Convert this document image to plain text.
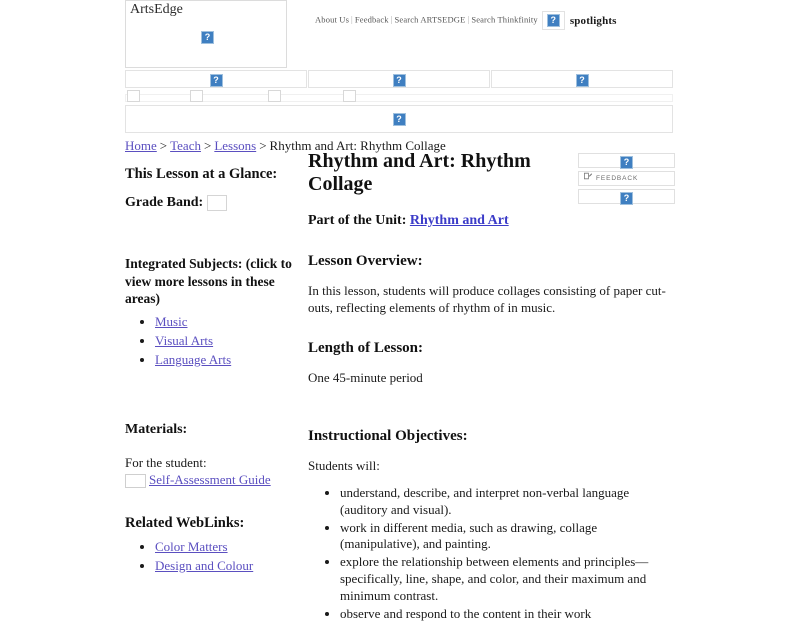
ArtsEdge
?
About Us | Feedback | Search ARTSEDGE | Search Thinkfinity ?	spotlights
?
?
?
?
Home > Teach > Lessons > Rhythm and Art: Rhythm Collage
This Lesson at a Glance:
Grade Band:
Integrated Subjects: (click to view more lessons in these areas)
• Music
• Visual Arts
• Language Arts
Materials:
For the student:
Self-Assessment Guide
Related WebLinks:
• Color Matters
• Design and Colour
Rhythm and Art: Rhythm Collage
?	FEEDBACK
?
Part of the Unit: Rhythm and Art
Lesson Overview:

In this lesson, students will produce collages consisting of paper cut-outs, reflecting elements of rhythm of in music.

Length of Lesson:

One 45-minute period

Instructional Objectives:

Students will:

• understand, describe, and interpret non-verbal language (auditory and visual).
• work in different media, such as drawing, collage (manipulative), and painting.
• explore the relationship between elements and principles—specifically, line, shape, and color, and their maximum and minimum contrast.
• observe and respond to the content in their work
